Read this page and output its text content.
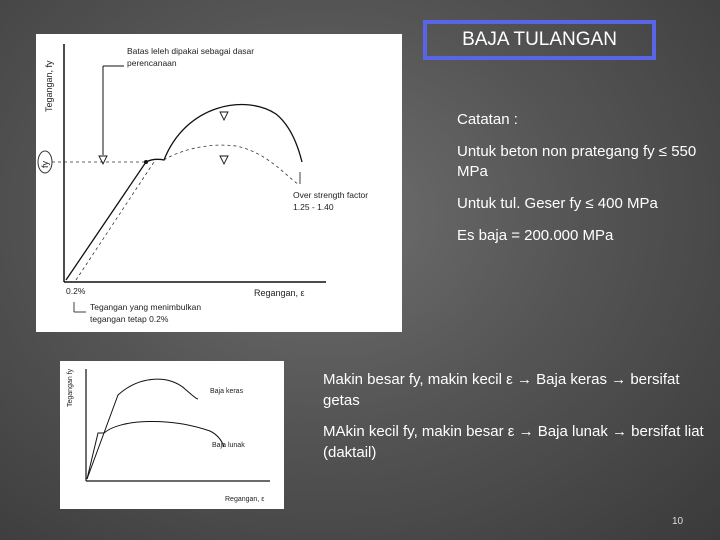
BAJA TULANGAN
Tegangan, fy
fy
Batas leleh dipakai sebagai dasar
perencanaan
Over strength factor
1.25 - 1.40
Regangan, ε
0.2%
Tegangan yang menimbulkan
tegangan tetap 0.2%
Tegangan fy	Baja keras
Baja lunak
Regangan, ε

Catatan :

Untuk beton non prategang fy ≤ 550 MPa

Untuk tul. Geser fy ≤ 400 MPa

Es baja = 200.000 MPa

Makin besar fy, makin kecil ε → Baja keras → bersifat getas

MAkin kecil fy, makin besar ε → Baja lunak → bersifat liat (daktail)

10
